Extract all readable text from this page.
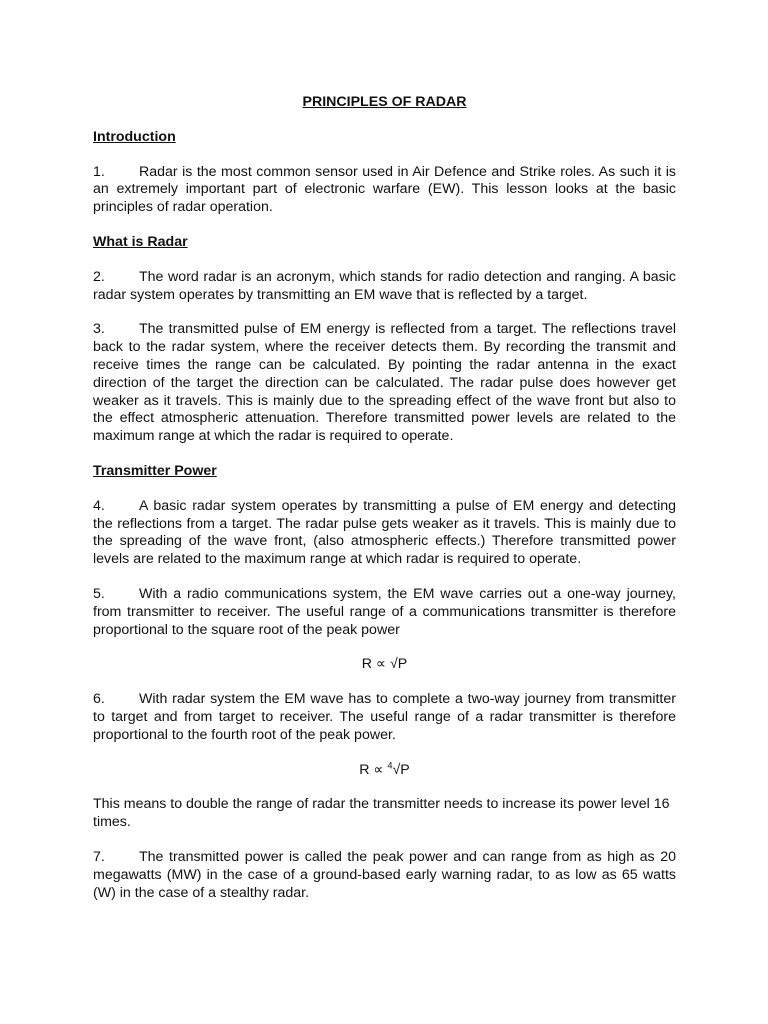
PRINCIPLES OF RADAR
Introduction
1. Radar is the most common sensor used in Air Defence and Strike roles. As such it is an extremely important part of electronic warfare (EW). This lesson looks at the basic principles of radar operation.
What is Radar
2. The word radar is an acronym, which stands for radio detection and ranging. A basic radar system operates by transmitting an EM wave that is reflected by a target.
3. The transmitted pulse of EM energy is reflected from a target. The reflections travel back to the radar system, where the receiver detects them. By recording the transmit and receive times the range can be calculated. By pointing the radar antenna in the exact direction of the target the direction can be calculated. The radar pulse does however get weaker as it travels. This is mainly due to the spreading effect of the wave front but also to the effect atmospheric attenuation. Therefore transmitted power levels are related to the maximum range at which the radar is required to operate.
Transmitter Power
4. A basic radar system operates by transmitting a pulse of EM energy and detecting the reflections from a target. The radar pulse gets weaker as it travels. This is mainly due to the spreading of the wave front, (also atmospheric effects.) Therefore transmitted power levels are related to the maximum range at which radar is required to operate.
5. With a radio communications system, the EM wave carries out a one-way journey, from transmitter to receiver. The useful range of a communications transmitter is therefore proportional to the square root of the peak power
R ∝ √P
6. With radar system the EM wave has to complete a two-way journey from transmitter to target and from target to receiver. The useful range of a radar transmitter is therefore proportional to the fourth root of the peak power.
R ∝ $^4$√P
This means to double the range of radar the transmitter needs to increase its power level 16 times.
7. The transmitted power is called the peak power and can range from as high as 20 megawatts (MW) in the case of a ground-based early warning radar, to as low as 65 watts (W) in the case of a stealthy radar.
